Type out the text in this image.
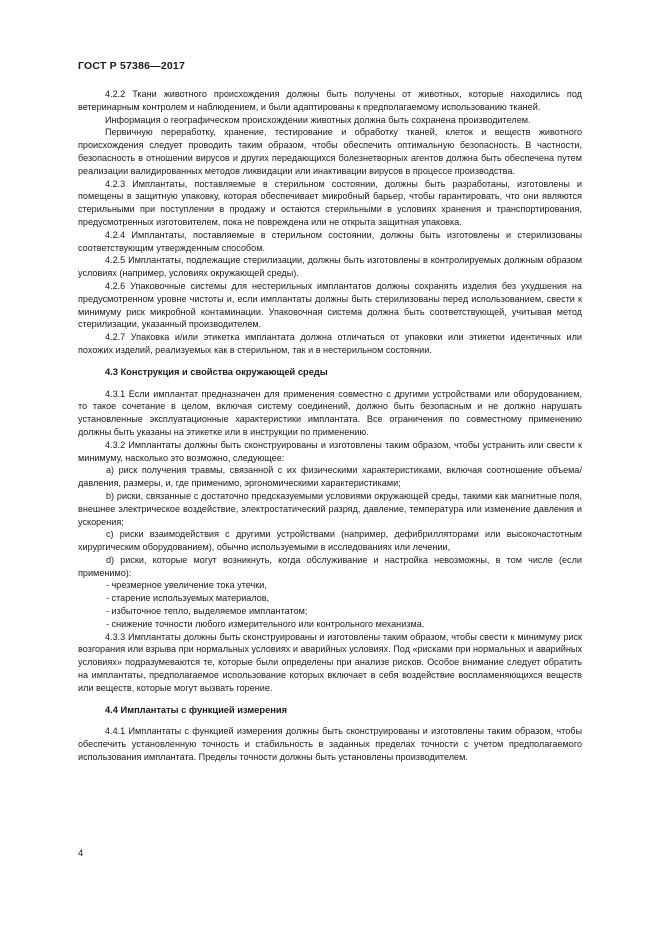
ГОСТ Р 57386—2017

4.2.2 Ткани животного происхождения должны быть получены от животных, которые находились под ветеринарным контролем и наблюдением, и были адаптированы к предполагаемому использованию тканей.

Информация о географическом происхождении животных должна быть сохранена производителем.

Первичную переработку, хранение, тестирование и обработку тканей, клеток и веществ животного происхождения следует проводить таким образом, чтобы обеспечить оптимальную безопасность. В частности, безопасность в отношении вирусов и других передающихся болезнетворных агентов должна быть обеспечена путем реализации валидированных методов ликвидации или инактивации вирусов в процессе производства.

4.2.3 Имплантаты, поставляемые в стерильном состоянии, должны быть разработаны, изготовлены и помещены в защитную упаковку, которая обеспечивает микробный барьер, чтобы гарантировать, что они являются стерильными при поступлении в продажу и остаются стерильными в условиях хранения и транспортирования, предусмотренных изготовителем, пока не повреждена или не открыта защитная упаковка.

4.2.4 Имплантаты, поставляемые в стерильном состоянии, должны быть изготовлены и стерилизованы соответствующим утвержденным способом.

4.2.5 Имплантаты, подлежащие стерилизации, должны быть изготовлены в контролируемых должным образом условиях (например, условиях окружающей среды).

4.2.6 Упаковочные системы для нестерильных имплантатов должны сохранять изделия без ухудшения на предусмотренном уровне чистоты и, если имплантаты должны быть стерилизованы перед использованием, свести к минимуму риск микробной контаминации. Упаковочная система должна быть соответствующей, учитывая метод стерилизации, указанный производителем.

4.2.7 Упаковка и/или этикетка имплантата должна отличаться от упаковки или этикетки идентичных или похожих изделий, реализуемых как в стерильном, так и в нестерильном состоянии.

4.3 Конструкция и свойства окружающей среды

4.3.1 Если имплантат предназначен для применения совместно с другими устройствами или оборудованием, то такое сочетание в целом, включая систему соединений, должно быть безопасным и не должно нарушать установленные эксплуатационные характеристики имплантата. Все ограничения по совместному применению должны быть указаны на этикетке или в инструкции по применению.

4.3.2 Имплантаты должны быть сконструированы и изготовлены таким образом, чтобы устранить или свести к минимуму, насколько это возможно, следующее:

a) риск получения травмы, связанной с их физическими характеристиками, включая соотношение объема/давления, размеры, и, где применимо, эргономическими характеристиками;

b) риски, связанные с достаточно предсказуемыми условиями окружающей среды, такими как магнитные поля, внешнее электрическое воздействие, электростатический разряд, давление, температура или изменение давления и ускорения;

c) риски взаимодействия с другими устройствами (например, дефибрилляторами или высокочастотным хирургическим оборудованием), обычно используемыми в исследованиях или лечении,

d) риски, которые могут возникнуть, когда обслуживание и настройка невозможны, в том числе (если применимо):

- чрезмерное увеличение тока утечки,

- старение используемых материалов,

- избыточное тепло, выделяемое имплантатом;

- снижение точности любого измерительного или контрольного механизма.

4.3.3 Имплантаты должны быть сконструированы и изготовлены таким образом, чтобы свести к минимуму риск возгорания или взрыва при нормальных условиях и аварийных условиях. Под «рисками при нормальных и аварийных условиях» подразумеваются те, которые были определены при анализе рисков. Особое внимание следует обратить на имплантаты, предполагаемое использование которых включает в себя воздействие воспламеняющихся веществ или веществ, которые могут вызвать горение.

4.4 Имплантаты с функцией измерения

4.4.1 Имплантаты с функцией измерения должны быть сконструированы и изготовлены таким образом, чтобы обеспечить установленную точность и стабильность в заданных пределах точности с учетом предполагаемого использования имплантата. Пределы точности должны быть установлены производителем.

4
